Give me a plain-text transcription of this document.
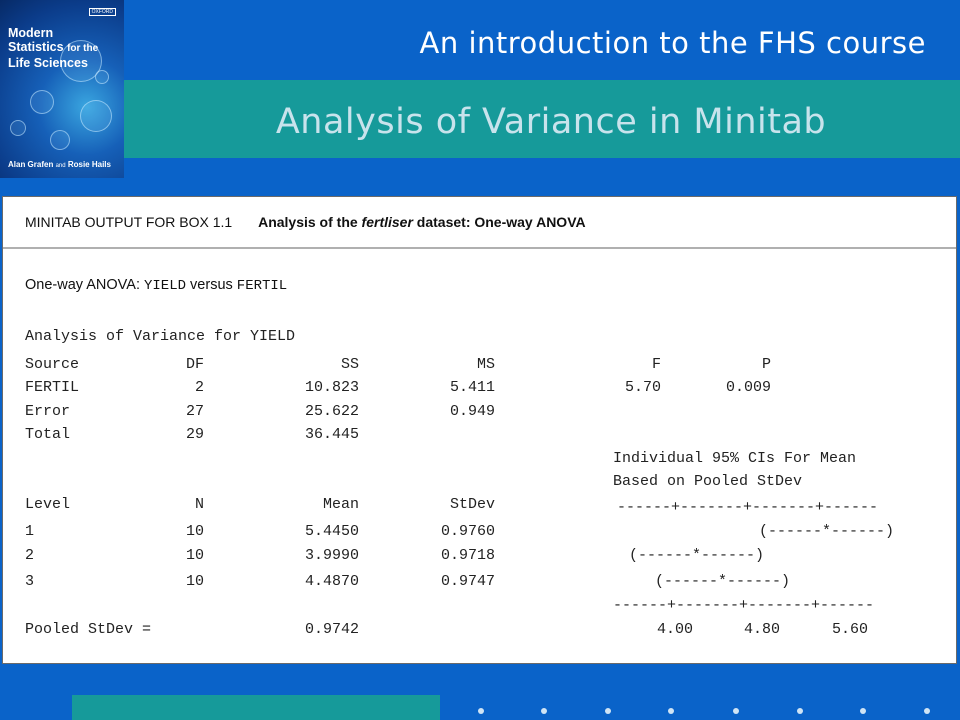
An introduction to the FHS course
Analysis of Variance in Minitab
OXFORD
Modern
Statistics for the
Life Sciences
Alan Grafen and Rosie Hails
MINITAB OUTPUT FOR BOX 1.1 Analysis of the fertliser dataset: One-way ANOVA
One-way ANOVA: YIELD versus FERTIL
Analysis of Variance for YIELD
Source	DF	SS	MS	F	P
FERTIL	2	10.823	5.411	5.70	0.009
Error	27	25.622	0.949
Total	29	36.445
Individual 95% CIs For Mean
Based on Pooled StDev
Level	N	Mean	StDev	------+-------+-------+------
1	10	5.4450	0.9760	(------*------)
2	10	3.9990	0.9718	(------*------)
3	10	4.4870	0.9747	(------*------)
------+-------+-------+------
Pooled StDev =	0.9742	4.00	4.80	5.60
